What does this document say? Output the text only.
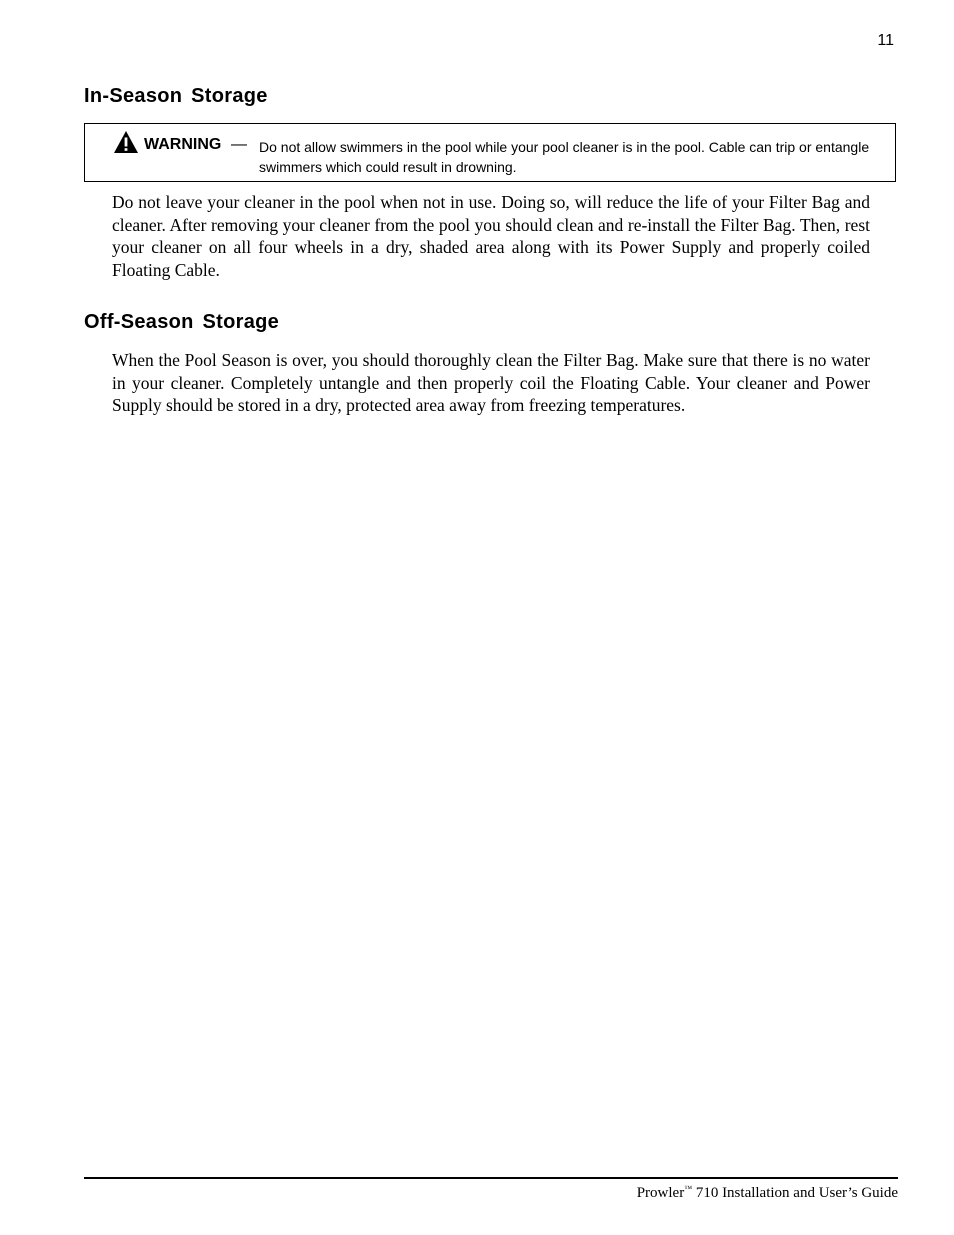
11
In-Season Storage
WARNING — Do not allow swimmers in the pool while your pool cleaner is in the pool. Cable can trip or entangle swimmers which could result in drowning.

Do not leave your cleaner in the pool when not in use. Doing so, will reduce the life of your Filter Bag and cleaner. After removing your cleaner from the pool you should clean and re-install the Filter Bag. Then, rest your cleaner on all four wheels in a dry, shaded area along with its Power Supply and properly coiled Floating Cable.

Off-Season Storage

When the Pool Season is over, you should thoroughly clean the Filter Bag. Make sure that there is no water in your cleaner. Completely untangle and then properly coil the Floating Cable. Your cleaner and Power Supply should be stored in a dry, protected area away from freezing temperatures.

Prowler™ 710 Installation and User’s Guide
